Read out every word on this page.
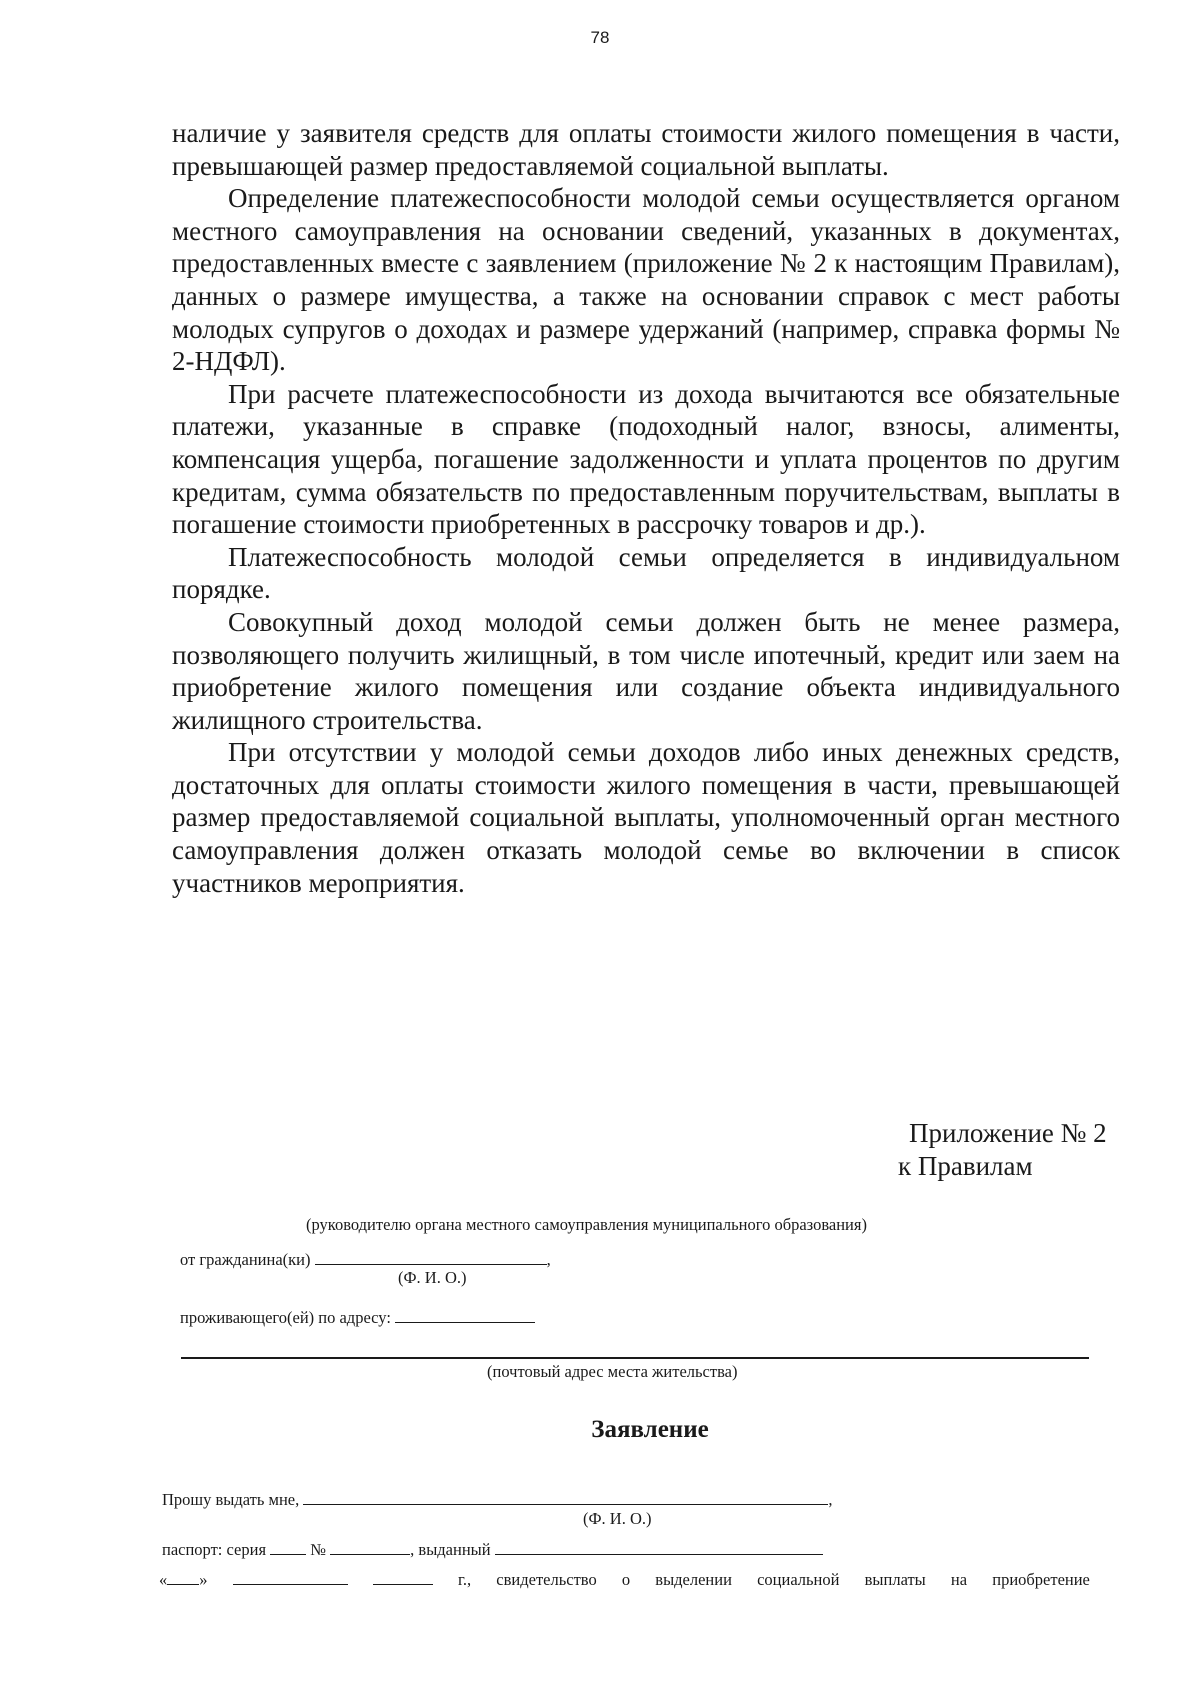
78

наличие у заявителя средств для оплаты стоимости жилого помещения в части, превышающей размер предоставляемой социальной выплаты.

Определение платежеспособности молодой семьи осуществляется органом местного самоуправления на основании сведений, указанных в документах, предоставленных вместе с заявлением (приложение № 2 к настоящим Правилам), данных о размере имущества, а также на основании справок с мест работы молодых супругов о доходах и размере удержаний (например, справка формы № 2-НДФЛ).

При расчете платежеспособности из дохода вычитаются все обязательные платежи, указанные в справке (подоходный налог, взносы, алименты, компенсация ущерба, погашение задолженности и уплата процентов по другим кредитам, сумма обязательств по предоставленным поручительствам, выплаты в погашение стоимости приобретенных в рассрочку товаров и др.).

Платежеспособность молодой семьи определяется в индивидуальном порядке.

Совокупный доход молодой семьи должен быть не менее размера, позволяющего получить жилищный, в том числе ипотечный, кредит или заем на приобретение жилого помещения или создание объекта индивидуального жилищного строительства.

При отсутствии у молодой семьи доходов либо иных денежных средств, достаточных для оплаты стоимости жилого помещения в части, превышающей размер предоставляемой социальной выплаты, уполномоченный орган местного самоуправления должен отказать молодой семье во включении в список участников мероприятия.

Приложение № 2
к Правилам
(руководителю органа местного самоуправления муниципального образования)
от гражданина(ки)	,
(Ф. И. О.)
проживающего(ей) по адресу:
(почтовый адрес места жительства)
Заявление
Прошу выдать мне,	,
(Ф. И. О.)
паспорт: серия	№	, выданный
« »	г., свидетельство о выделении социальной выплаты на приобретение
